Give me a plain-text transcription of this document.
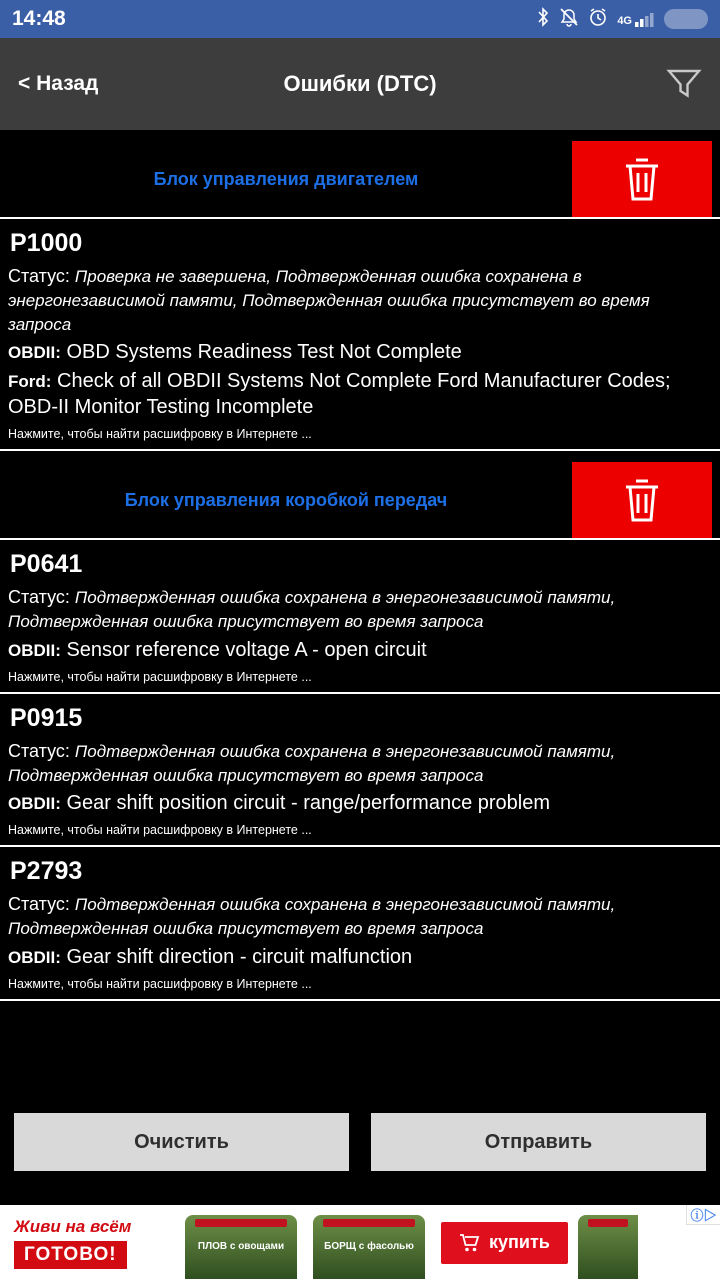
14:48	4G
Ошибки (DTC)
< Назад
Блок управления двигателем
P1000
Статус: Проверка не завершена, Подтвержденная ошибка сохранена в энергонезависимой памяти, Подтвержденная ошибка присутствует во время запроса
OBDII: OBD Systems Readiness Test Not Complete
Ford: Check of all OBDII Systems Not Complete Ford Manufacturer Codes; OBD-II Monitor Testing Incomplete
Нажмите, чтобы найти расшифровку в Интернете ...
Блок управления коробкой передач
P0641
Статус: Подтвержденная ошибка сохранена в энергонезависимой памяти, Подтвержденная ошибка присутствует во время запроса
OBDII: Sensor reference voltage A - open circuit
Нажмите, чтобы найти расшифровку в Интернете ...
P0915
Статус: Подтвержденная ошибка сохранена в энергонезависимой памяти, Подтвержденная ошибка присутствует во время запроса
OBDII: Gear shift position circuit - range/performance problem
Нажмите, чтобы найти расшифровку в Интернете ...
P2793
Статус: Подтвержденная ошибка сохранена в энергонезависимой памяти, Подтвержденная ошибка присутствует во время запроса
OBDII: Gear shift direction - circuit malfunction
Нажмите, чтобы найти расшифровку в Интернете ...
Очистить	Отправить
Живи на всём
ГОТОВО!	ПЛОВ с овощами	БОРЩ с фасолью	купить
ⓘ▷
